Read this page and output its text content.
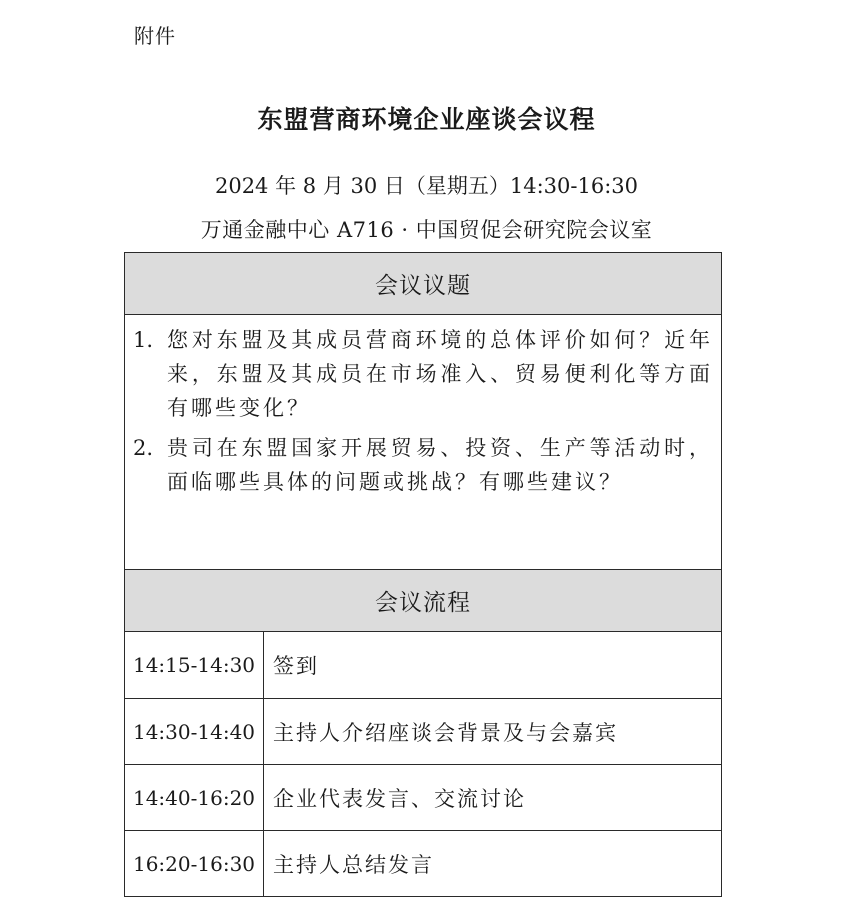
附件
东盟营商环境企业座谈会议程
2024 年 8 月 30 日（星期五）14:30-16:30
万通金融中心 A716 · 中国贸促会研究院会议室
会议议题
1. 您对东盟及其成员营商环境的总体评价如何？近年来，东盟及其成员在市场准入、贸易便利化等方面有哪些变化？
2. 贵司在东盟国家开展贸易、投资、生产等活动时，面临哪些具体的问题或挑战？有哪些建议？
会议流程
14:15-14:30 签到
14:30-14:40 主持人介绍座谈会背景及与会嘉宾
14:40-16:20 企业代表发言、交流讨论
16:20-16:30 主持人总结发言
